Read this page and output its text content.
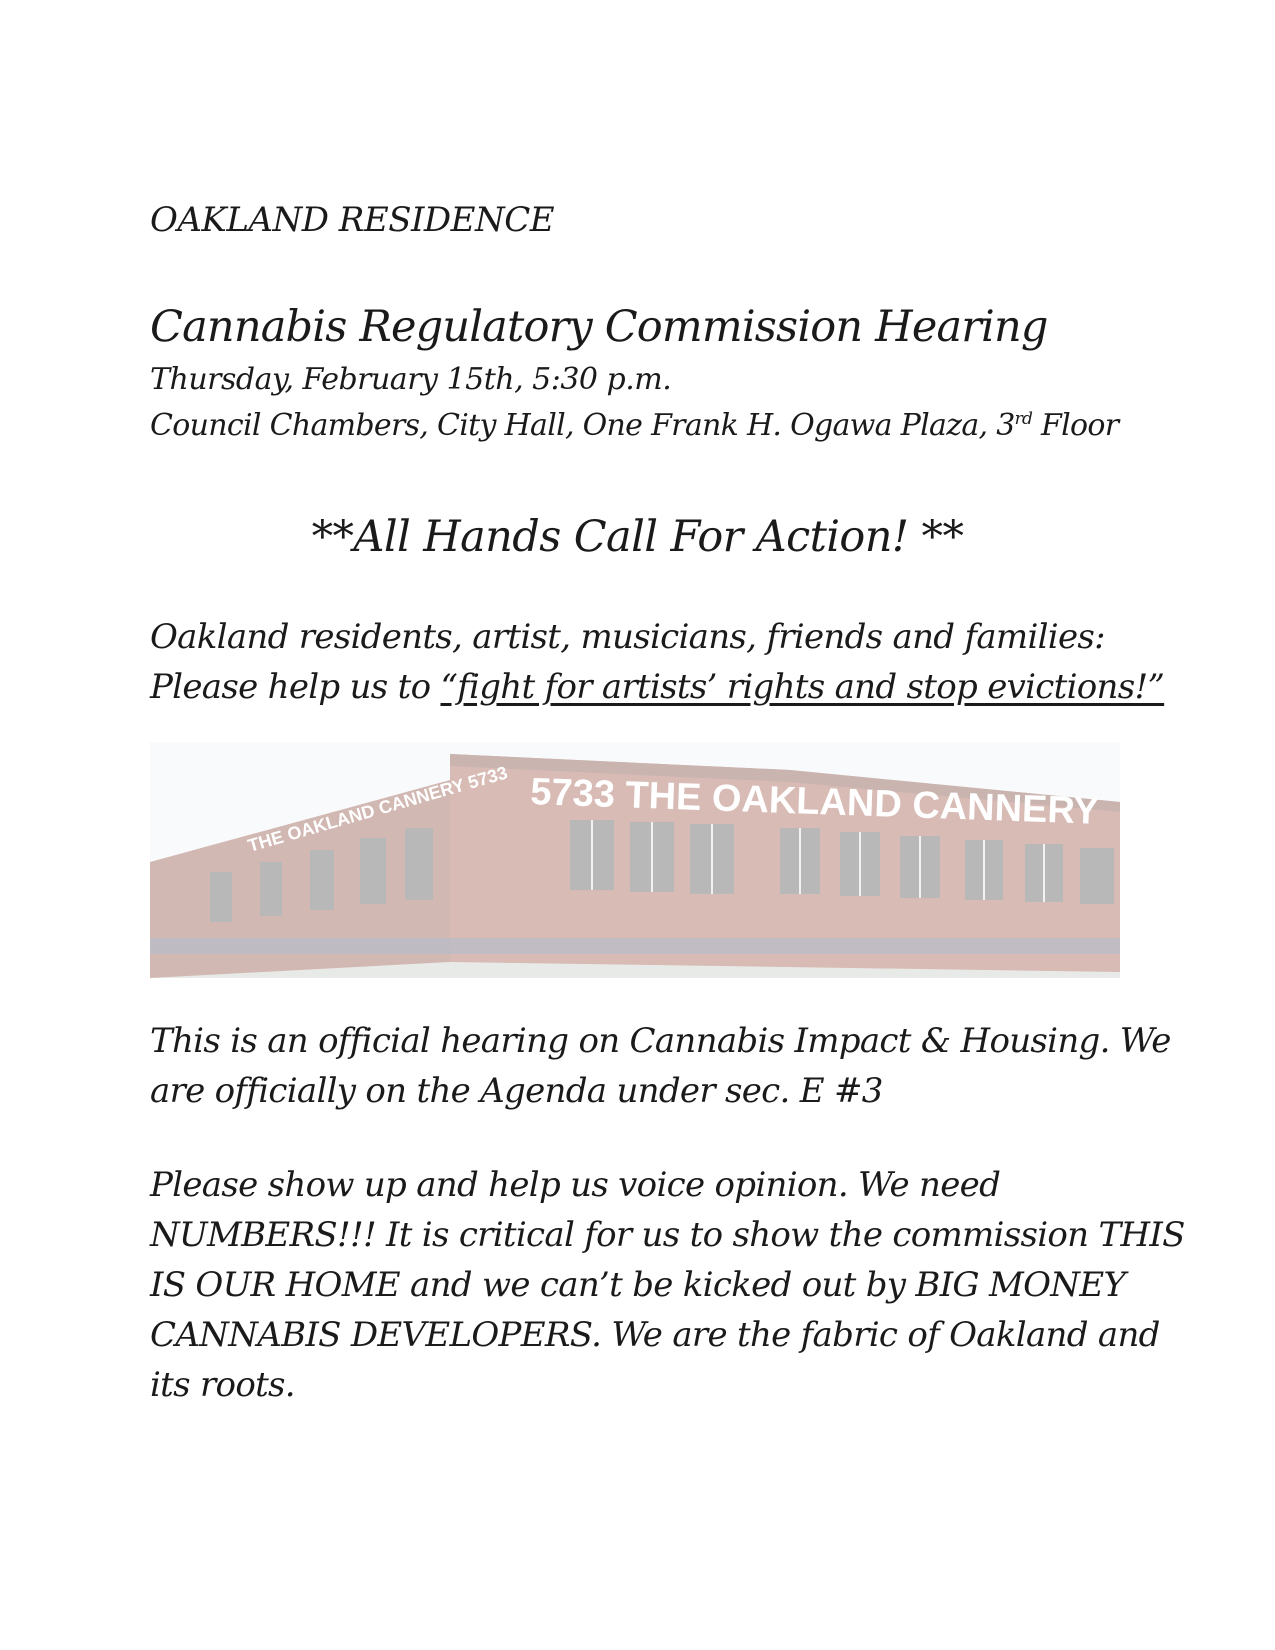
OAKLAND RESIDENCE
Cannabis Regulatory Commission Hearing
Thursday, February 15th, 5:30 p.m.
Council Chambers, City Hall, One Frank H. Ogawa Plaza, 3rd Floor
**All Hands Call For Action! **
Oakland residents, artist, musicians, friends and families:
Please help us to “fight for artists’ rights and stop evictions!”
5733 THE OAKLAND CANNERY
THE OAKLAND CANNERY 5733
This is an official hearing on Cannabis Impact & Housing. We
are officially on the Agenda under sec. E #3
Please show up and help us voice opinion. We need
NUMBERS!!! It is critical for us to show the commission THIS
IS OUR HOME and we can’t be kicked out by BIG MONEY
CANNABIS DEVELOPERS. We are the fabric of Oakland and
its roots.
